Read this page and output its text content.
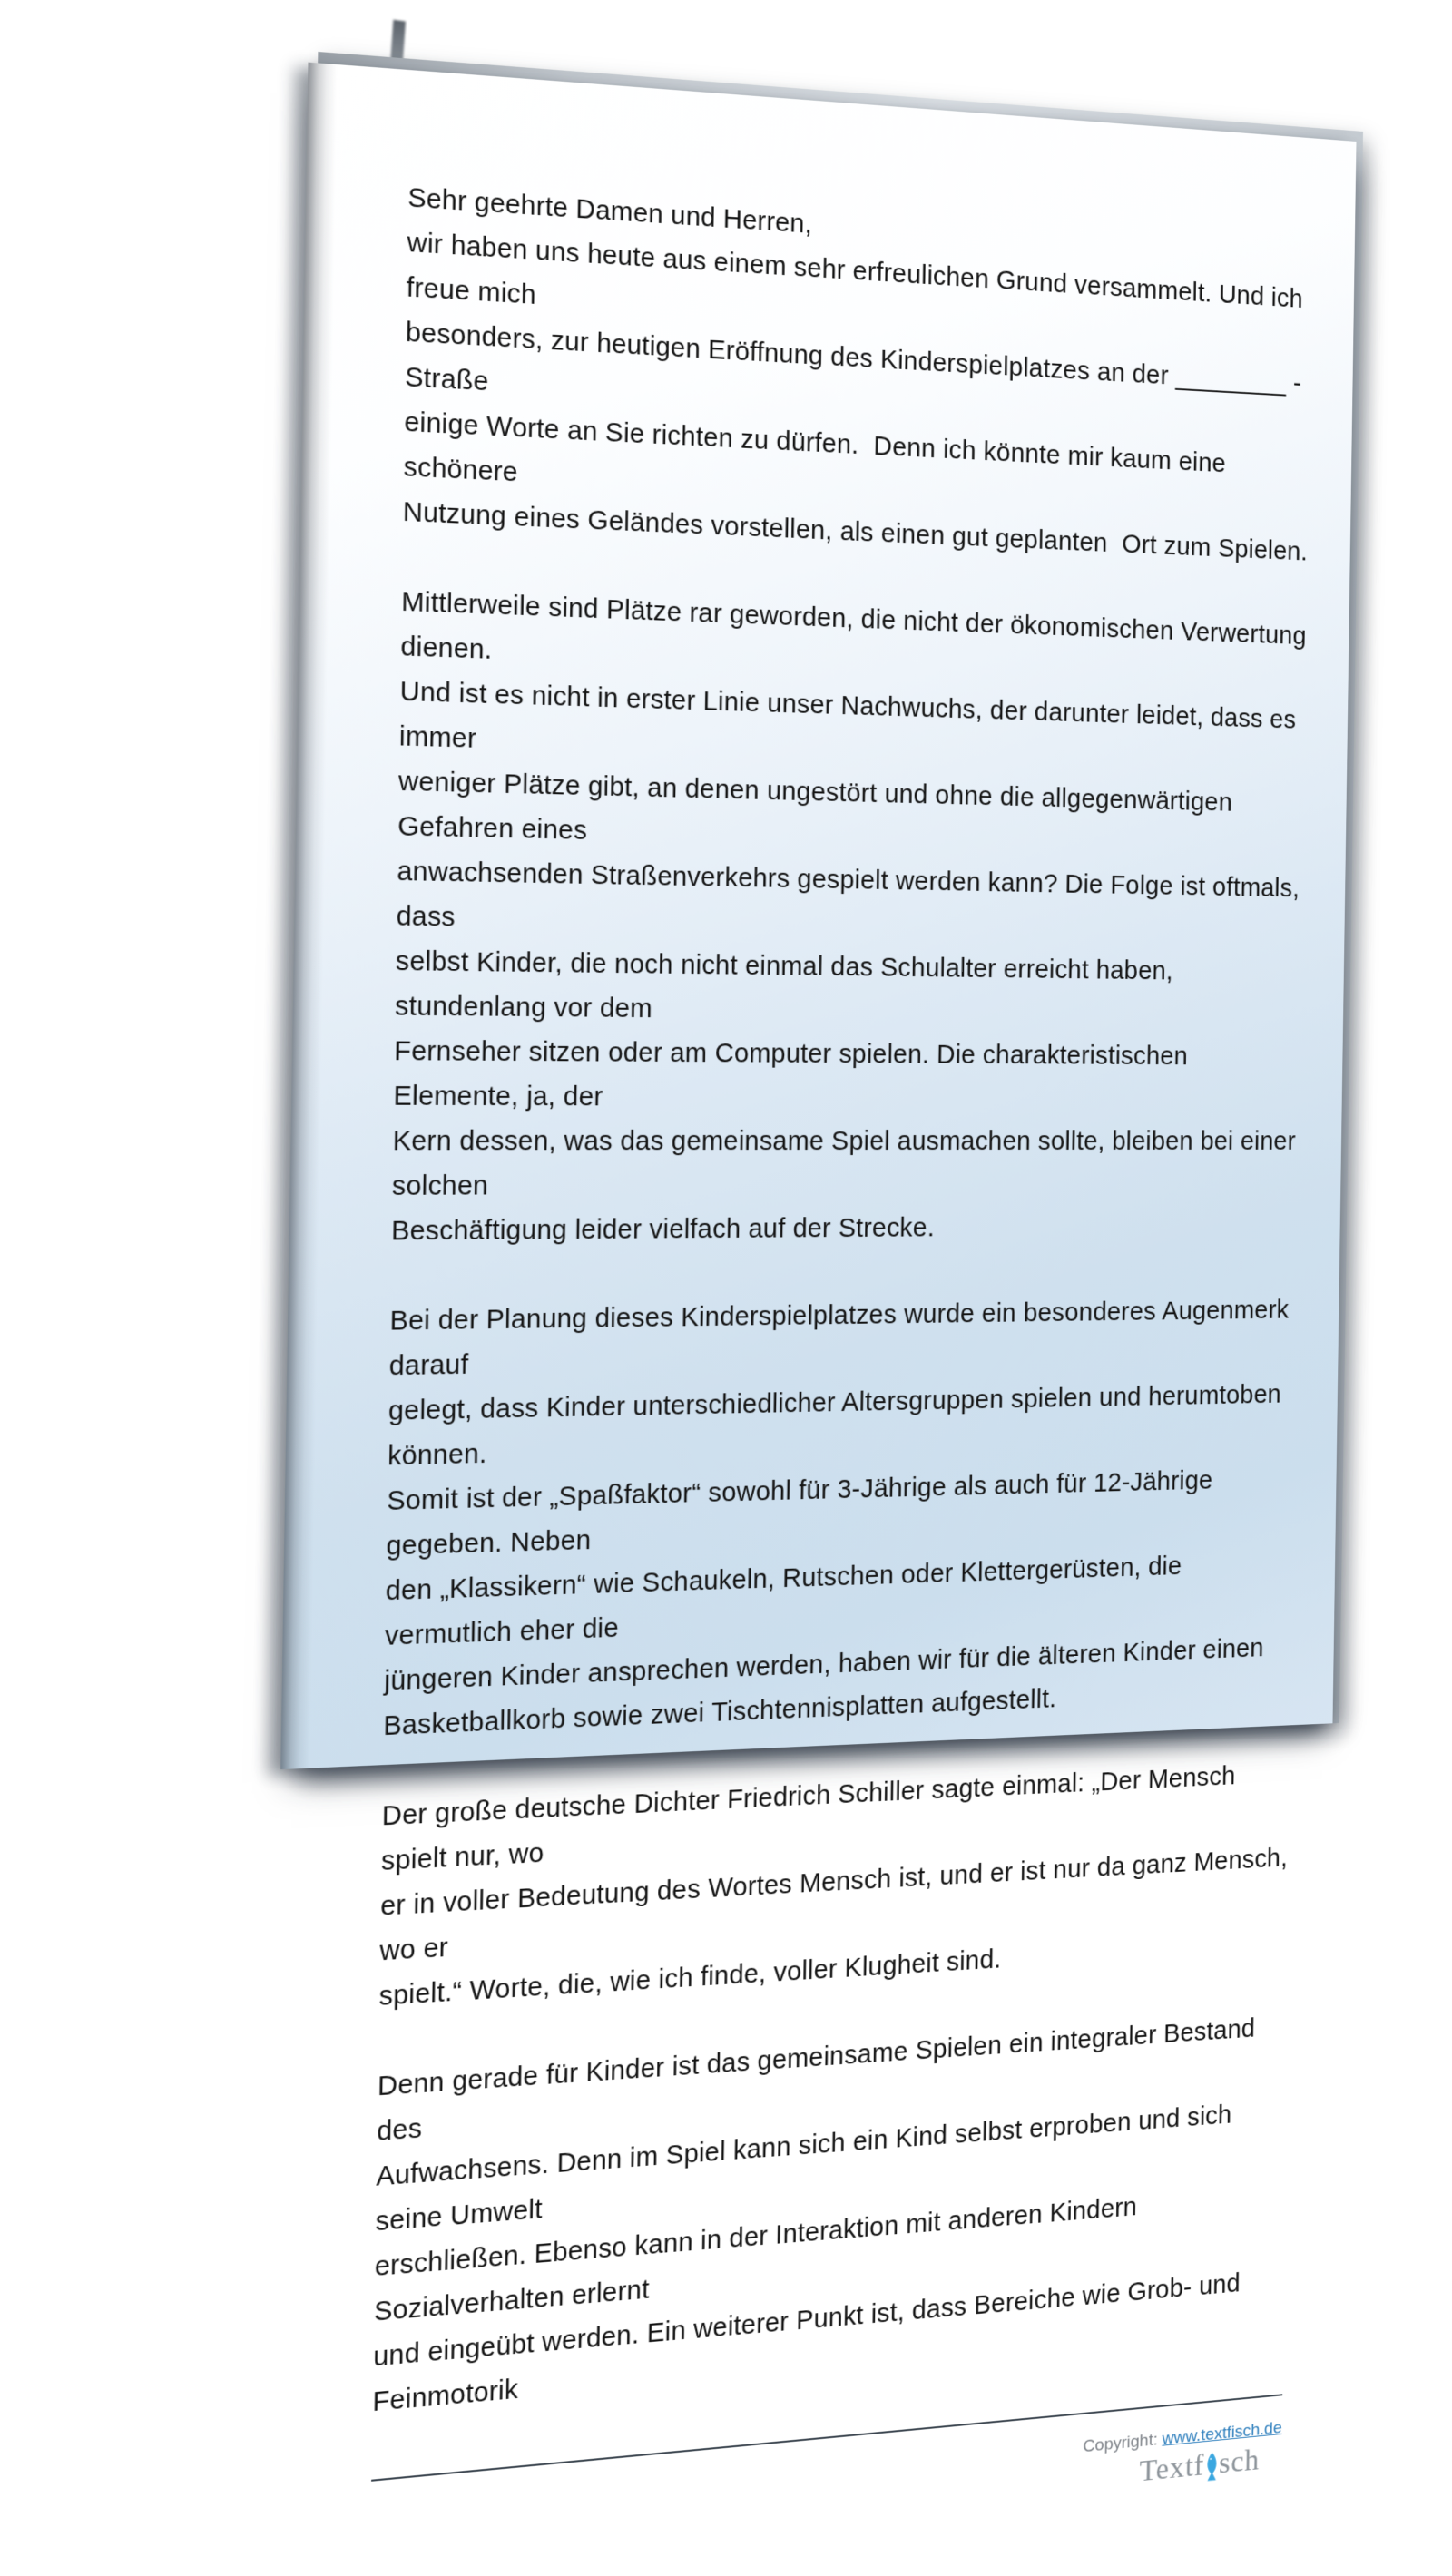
Sehr geehrte Damen und Herren,

wir haben uns heute aus einem sehr erfreulichen Grund versammelt. Und ich freue mich
besonders, zur heutigen Eröffnung des Kinderspielplatzes an der ________ - Straße
einige Worte an Sie richten zu dürfen.  Denn ich könnte mir kaum eine schönere
Nutzung eines Geländes vorstellen, als einen gut geplanten  Ort zum Spielen.

Mittlerweile sind Plätze rar geworden, die nicht der ökonomischen Verwertung dienen.
Und ist es nicht in erster Linie unser Nachwuchs, der darunter leidet, dass es immer
weniger Plätze gibt, an denen ungestört und ohne die allgegenwärtigen Gefahren eines
anwachsenden Straßenverkehrs gespielt werden kann? Die Folge ist oftmals, dass
selbst Kinder, die noch nicht einmal das Schulalter erreicht haben, stundenlang vor dem
Fernseher sitzen oder am Computer spielen. Die charakteristischen Elemente, ja, der
Kern dessen, was das gemeinsame Spiel ausmachen sollte, bleiben bei einer solchen
Beschäftigung leider vielfach auf der Strecke.

Bei der Planung dieses Kinderspielplatzes wurde ein besonderes Augenmerk darauf
gelegt, dass Kinder unterschiedlicher Altersgruppen spielen und herumtoben können.
Somit ist der „Spaßfaktor“ sowohl für 3-Jährige als auch für 12-Jährige gegeben. Neben
den „Klassikern“ wie Schaukeln, Rutschen oder Klettergerüsten, die vermutlich eher die
jüngeren Kinder ansprechen werden, haben wir für die älteren Kinder einen
Basketballkorb sowie zwei Tischtennisplatten aufgestellt.

Der große deutsche Dichter Friedrich Schiller sagte einmal: „Der Mensch spielt nur, wo
er in voller Bedeutung des Wortes Mensch ist, und er ist nur da ganz Mensch, wo er
spielt.“ Worte, die, wie ich finde, voller Klugheit sind.

Denn gerade für Kinder ist das gemeinsame Spielen ein integraler Bestand des
Aufwachsens. Denn im Spiel kann sich ein Kind selbst erproben und sich seine Umwelt
erschließen. Ebenso kann in der Interaktion mit anderen Kindern Sozialverhalten erlernt
und eingeübt werden. Ein weiterer Punkt ist, dass Bereiche wie Grob- und Feinmotorik

Copyright: www.textfisch.de
Textf sch
